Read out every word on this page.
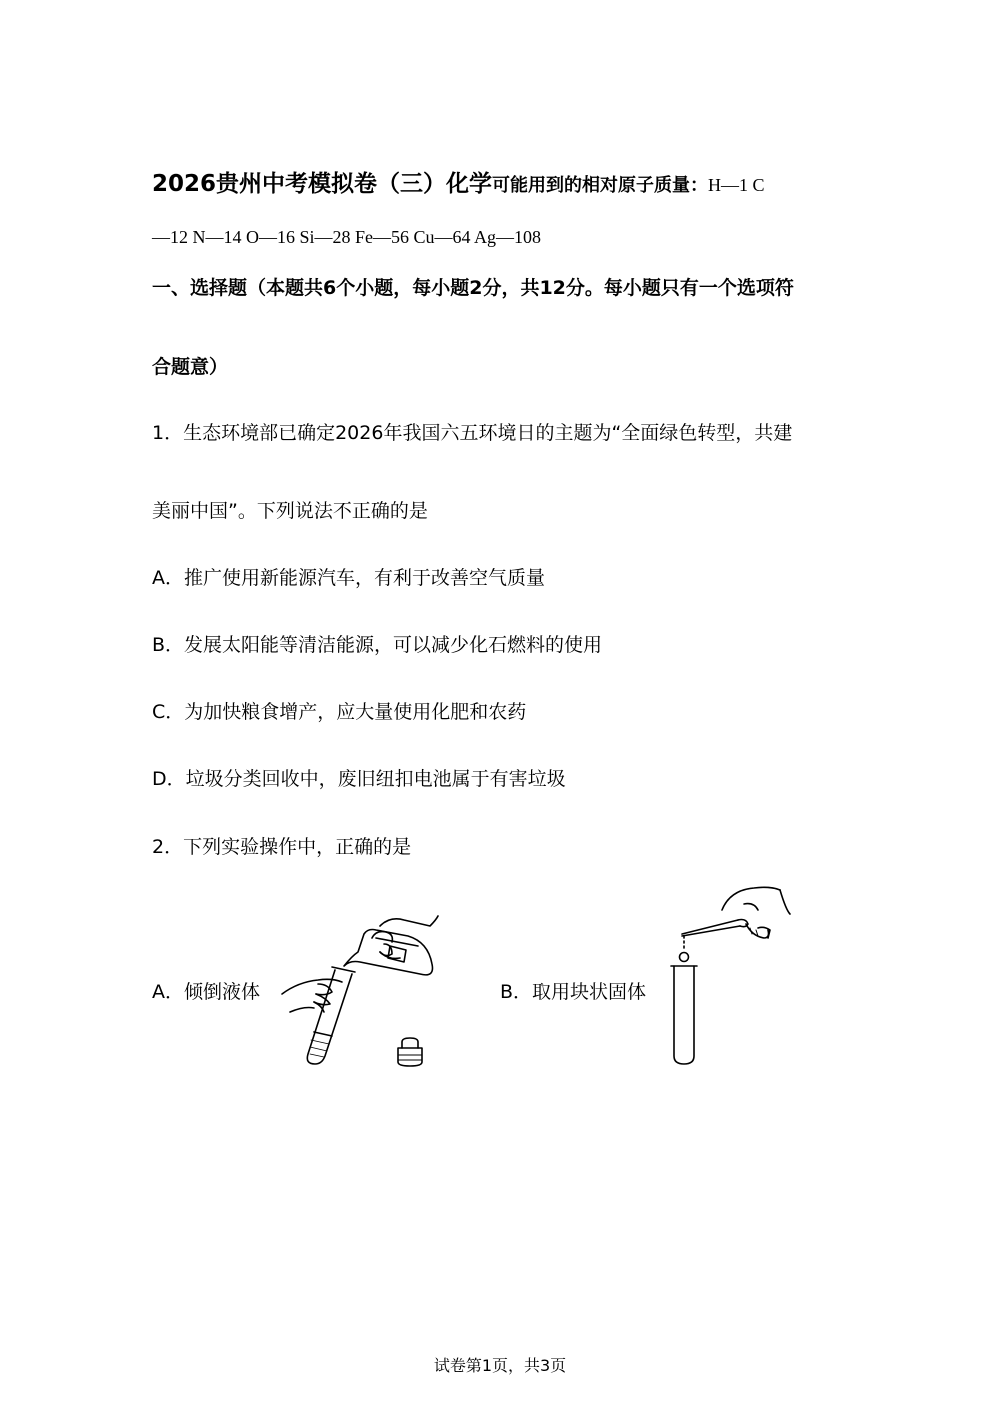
2026贵州中考模拟卷（三）化学可能用到的相对原子质量：H—1 C
—12 N—14 O—16 Si—28 Fe—56 Cu—64 Ag—108
一、选择题（本题共6个小题，每小题2分，共12分。每小题只有一个选项符
合题意）
1．生态环境部已确定2026年我国六五环境日的主题为“全面绿色转型，共建
美丽中国”。下列说法不正确的是
A．推广使用新能源汽车，有利于改善空气质量
B．发展太阳能等清洁能源，可以减少化石燃料的使用
C．为加快粮食增产，应大量使用化肥和农药
D．垃圾分类回收中，废旧纽扣电池属于有害垃圾
2．下列实验操作中，正确的是
A．倾倒液体	B．取用块状固体
试卷第1页，共3页
